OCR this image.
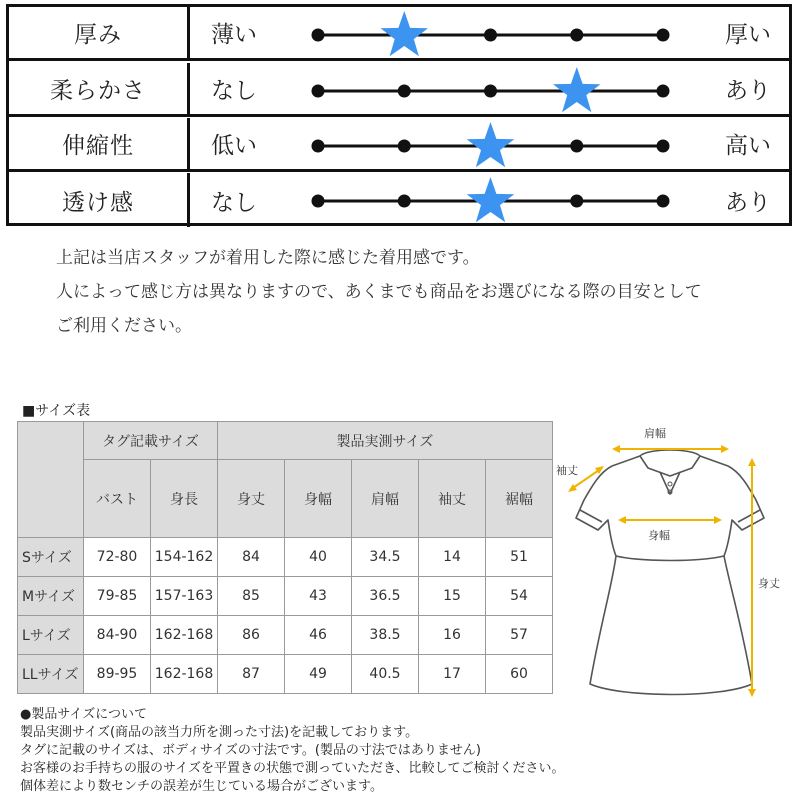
厚み	薄い	厚い
柔らかさ	なし	あり
伸縮性	低い	高い
透け感	なし	あり
上記は当店スタッフが着用した際に感じた着用感です。
人によって感じ方は異なりますので、あくまでも商品をお選びになる際の目安として
ご利用ください。
■サイズ表
	タグ記載サイズ		製品実測サイズ				
	バスト	身長	身丈	身幅	肩幅	袖丈	裾幅
Sサイズ	72-80	154-162	84	40	34.5	14	51
Mサイズ	79-85	157-163	85	43	36.5	15	54
Lサイズ	84-90	162-168	86	46	38.5	16	57
LLサイズ	89-95	162-168	87	49	40.5	17	60
肩幅
袖丈
身幅
身丈
●製品サイズについて
製品実測サイズ(商品の該当力所を測った寸法)を記載しております。
タグに記載のサイズは、ボディサイズの寸法です。(製品の寸法ではありません)
お客様のお手持ちの服のサイズを平置きの状態で測っていただき、比較してご検討ください。
個体差により数センチの誤差が生じている場合がございます。
